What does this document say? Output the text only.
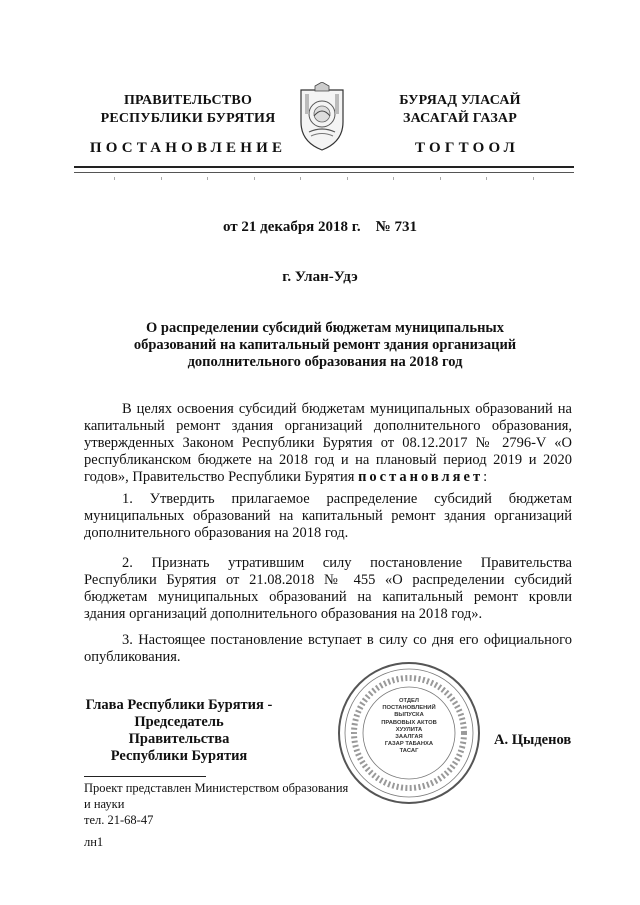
ПРАВИТЕЛЬСТВО
РЕСПУБЛИКИ БУРЯТИЯ
БУРЯАД УЛАСАЙ
ЗАСАГАЙ ГАЗАР
ПОСТАНОВЛЕНИЕ	ТОГТООЛ
от 21 декабря 2018 г.    № 731
г. Улан-Удэ
О распределении субсидий бюджетам муниципальных образований на капитальный ремонт здания организаций дополнительного образования на 2018 год

В целях освоения субсидий бюджетам муниципальных образований на капитальный ремонт здания организаций дополнительного образования, утвержденных Законом Республики Бурятия от 08.12.2017 № 2796-V «О республиканском бюджете на 2018 год и на плановый период 2019 и 2020 годов», Правительство Республики Бурятия постановляет:

1. Утвердить прилагаемое распределение субсидий бюджетам муниципальных образований на капитальный ремонт здания организаций дополнительного образования на 2018 год.

2. Признать утратившим силу постановление Правительства Республики Бурятия от 21.08.2018 № 455 «О распределении субсидий бюджетам муниципальных образований на капитальный ремонт кровли здания организаций дополнительного образования на 2018 год».

3. Настоящее постановление вступает в силу со дня его официального опубликования.

Глава Республики Бурятия -
Председатель Правительства
Республики Бурятия
ОТДЕЛ
ПОСТАНОВЛЕНИЙ
ВЫПУСКА
ПРАВОВЫХ АКТОВ
ХУУЛИТА
ЗААЛГАЯ
ГАЗАР ТАБАНХА
ТАСАГ
А. Цыденов
Проект представлен Министерством образования
и науки
тел. 21-68-47
лн1
